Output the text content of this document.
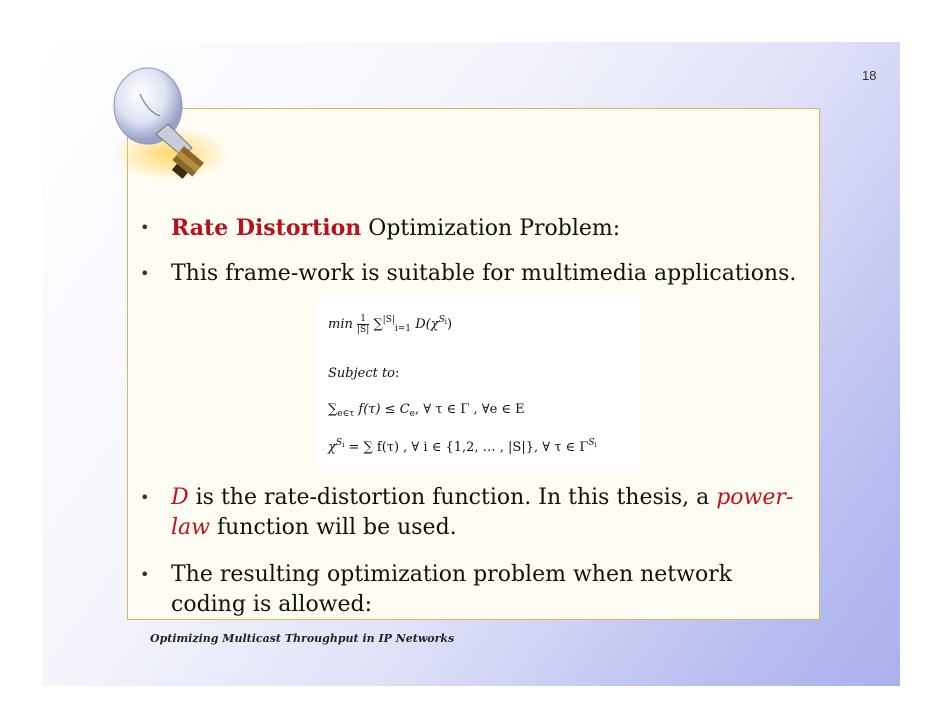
18
• Rate Distortion Optimization Problem:
• This frame-work is suitable for multimedia applications.
$\min \frac{1}{|S|} \sum^{|S|}_{i=1}$ $D(\chi^{S_i})$
Subject to:
$\sum_{e\in\tau}$ $f(\tau) \le C_e$, ∀ τ ∈ Γ , ∀e ∈ E
$\chi^{S_i}$ = ∑ f(τ) , ∀ i ∈ {1,2, … , |S|}, ∀ τ ∈ $\Gamma^{S_i}$
• D is the rate-distortion function. In this thesis, a power-law function will be used.
• The resulting optimization problem when network coding is allowed:
Optimizing Multicast Throughput in IP Networks
